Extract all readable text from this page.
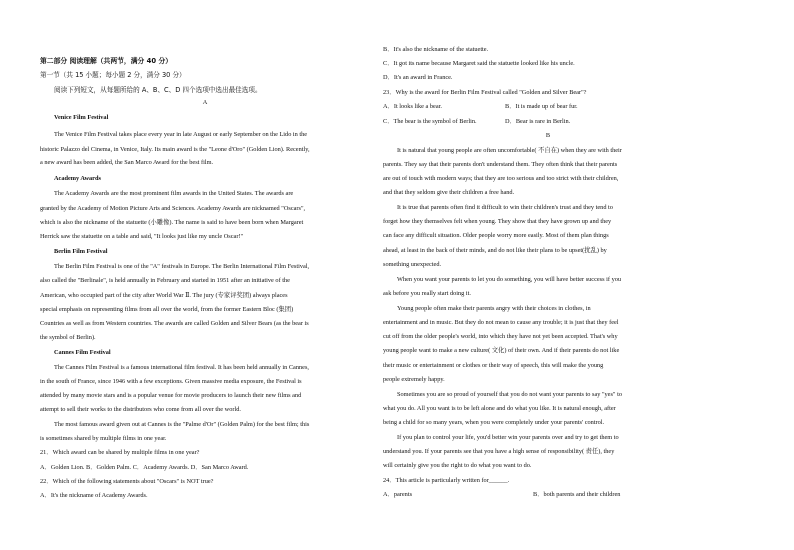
第二部分 阅读理解（共两节，满分 40 分）
第一节（共 15 小题；每小题 2 分，满分 30 分）
阅读下列短文，从每题所给的 A、B、C、D 四个选项中选出最佳选项。
A
Venice Film Festival
The Venice Film Festival takes place every year in late August or early September on the Lido in the
historic Palazzo del Cinema, in Venice, Italy. Its main award is the "Leone d'Oro" (Golden Lion). Recently,
a new award has been added, the San Marco Award for the best film.
Academy Awards
The Academy Awards are the most prominent film awards in the United States. The awards are
granted by the Academy of Motion Picture Arts and Sciences. Academy Awards are nicknamed "Oscars",
which is also the nickname of the statuette (小雕像). The name is said to have been born when Margaret
Herrick saw the statuette on a table and said, "It looks just like my uncle Oscar!"
Berlin Film Festival
The Berlin Film Festival is one of the "A" festivals in Europe. The Berlin International Film Festival,
also called the "Berlinale", is held annually in February and started in 1951 after an initiative of the
American, who occupied part of the city after World War Ⅱ. The jury (专家评奖团) always places
special emphasis on representing films from all over the world, from the former Eastern Bloc (集团)
Countries as well as from Western countries. The awards are called Golden and Silver Bears (as the bear is
the symbol of Berlin).
Cannes Film Festival
The Cannes Film Festival is a famous international film festival. It has been held annually in Cannes,
in the south of France, since 1946 with a few exceptions. Given massive media exposure, the Festival is
attended by many movie stars and is a popular venue for movie producers to launch their new films and
attempt to sell their works to the distributors who come from all over the world.
The most famous award given out at Cannes is the "Palme d'Or" (Golden Palm) for the best film; this
is sometimes shared by multiple films in one year.
21．Which award can be shared by multiple films in one year?
A．Golden Lion. B．Golden Palm. C．Academy Awards. D．San Marco Award.
22．Which of the following statements about "Oscars" is NOT true?
A．It's the nickname of Academy Awards.
B．It's also the nickname of the statuette.
C．It got its name because Margaret said the statuette looked like his uncle.
D．It's an award in France.
23．Why is the award for Berlin Film Festival called "Golden and Silver Bear"?
A．It looks like a bear.	B．It is made up of bear fur.
C．The bear is the symbol of Berlin.	D．Bear is rare in Berlin.
B
It is natural that young people are often uncomfortable( 不自在) when they are with their
parents. They say that their parents don't understand them. They often think that their parents
are out of touch with modern ways; that they are too serious and too strict with their children,
and that they seldom give their children a free hand.
It is true that parents often find it difficult to win their children's trust and they tend to
forget how they themselves felt when young. They show that they have grown up and they
can face any difficult situation. Older people worry more easily. Most of them plan things
ahead, at least in the back of their minds, and do not like their plans to be upset(扰乱) by
something unexpected.
When you want your parents to let you do something, you will have better success if you
ask before you really start doing it.
Young people often make their parents angry with their choices in clothes, in
entertainment and in music. But they do not mean to cause any trouble; it is just that they feel
cut off from the older people's world, into which they have not yet been accepted. That's why
young people want to make a new culture( 文化) of their own. And if their parents do not like
their music or entertainment or clothes or their way of speech, this will make the young
people extremely happy.
Sometimes you are so proud of yourself that you do not want your parents to say "yes" to
what you do. All you want is to be left alone and do what you like. It is natural enough, after
being a child for so many years, when you were completely under your parents' control.
If you plan to control your life, you'd better win your parents over and try to get them to
understand you. If your parents see that you have a high sense of responsibility( 责任), they
will certainly give you the right to do what you want to do.
24．This article is particularly written for______.
A．parents	B．both parents and their children
